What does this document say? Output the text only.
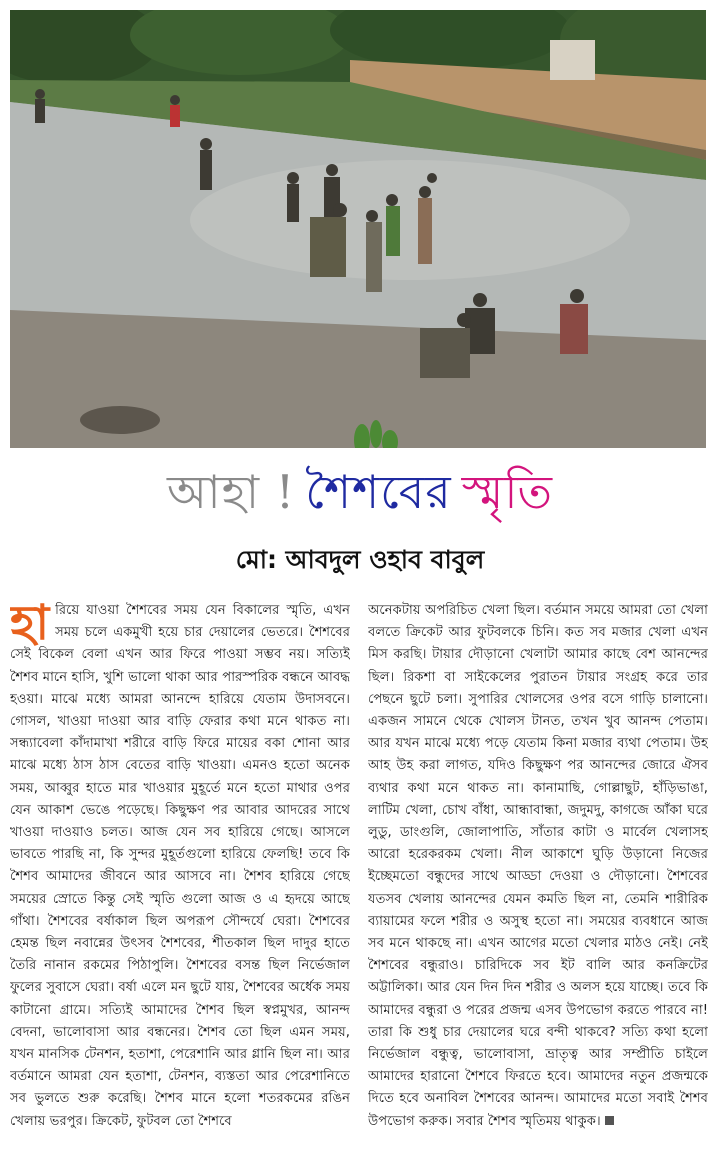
আহা ! শৈশবের স্মৃতি
মো: আবদুল ওহাব বাবুল
হারিয়ে যাওয়া শৈশবের সময় যেন বিকালের স্মৃতি, এখন সময় চলে একমুখী হয়ে চার দেয়ালের ভেতরে। শৈশবের সেই বিকেল বেলা এখন আর ফিরে পাওয়া সম্ভব নয়। সত্যিই শৈশব মানে হাসি, খুশি ভালো থাকা আর পারস্পরিক বন্ধনে আবদ্ধ হওয়া। মাঝে মধ্যে আমরা আনন্দে হারিয়ে যেতাম উদাসবনে। গোসল, খাওয়া দাওয়া আর বাড়ি ফেরার কথা মনে থাকত না। সন্ধ্যাবেলা কাঁদামাখা শরীরে বাড়ি ফিরে মায়ের বকা শোনা আর মাঝে মধ্যে ঠাস ঠাস বেতের বাড়ি খাওয়া। এমনও হতো অনেক সময়, আব্বুর হাতে মার খাওয়ার মুহূর্তে মনে হতো মাথার ওপর যেন আকাশ ভেঙে পড়েছে। কিছুক্ষণ পর আবার আদরের সাথে খাওয়া দাওয়াও চলত। আজ যেন সব হারিয়ে গেছে। আসলে ভাবতে পারছি না, কি সুন্দর মুহূর্তগুলো হারিয়ে ফেলছি! তবে কি শৈশব আমাদের জীবনে আর আসবে না। শৈশব হারিয়ে গেছে সময়ের স্রোতে কিন্তু সেই স্মৃতি গুলো আজ ও এ হৃদয়ে আছে গাঁথা। শৈশবের বর্ষাকাল ছিল অপরূপ সৌন্দর্যে ঘেরা। শৈশবের হেমন্ত ছিল নবান্নের উৎসব শৈশবের, শীতকাল ছিল দাদুর হাতে তৈরি নানান রকমের পিঠাপুলি। শৈশবের বসন্ত ছিল নির্ভেজাল ফুলের সুবাসে ঘেরা। বর্ষা এলে মন ছুটে যায়, শৈশবের অর্ধেক সময় কাটানো গ্রামে। সত্যিই আমাদের শৈশব ছিল স্বপ্নমুখর, আনন্দ বেদনা, ভালোবাসা আর বন্ধনের। শৈশব তো ছিল এমন সময়, যখন মানসিক টেনশন, হতাশা, পেরেশানি আর গ্লানি ছিল না। আর বর্তমানে আমরা যেন হতাশা, টেনশন, ব্যস্ততা আর পেরেশানিতে সব ভুলতে শুরু করেছি। শৈশব মানে হলো শতরকমের রঙিন খেলায় ভরপুর। ক্রিকেট, ফুটবল তো শৈশবে
অনেকটায় অপরিচিত খেলা ছিল। বর্তমান সময়ে আমরা তো খেলা বলতে ক্রিকেট আর ফুটবলকে চিনি। কত সব মজার খেলা এখন মিস করছি। টায়ার দৌড়ানো খেলাটা আমার কাছে বেশ আনন্দের ছিল। রিকশা বা সাইকেলের পুরাতন টায়ার সংগ্রহ করে তার পেছনে ছুটে চলা। সুপারির খোলসের ওপর বসে গাড়ি চালানো। একজন সামনে থেকে খোলস টানত, তখন খুব আনন্দ পেতাম। আর যখন মাঝে মধ্যে পড়ে যেতাম কিনা মজার ব্যথা পেতাম। উহ আহ উহ করা লাগত, যদিও কিছুক্ষণ পর আনন্দের জোরে ঐসব ব্যথার কথা মনে থাকত না। কানামাছি, গোল্লাছুট, হাঁড়িভাঙা, লাটিম খেলা, চোখ বাঁধা, আন্ধাবান্ধা, জদুমদু, কাগজে আঁকা ঘরে লুডু, ডাংগুলি, জোলাপাতি, সাঁতার কাটা ও মার্বেল খেলাসহ আরো হরেকরকম খেলা। নীল আকাশে ঘুড়ি উড়ানো নিজের ইচ্ছেমতো বন্ধুদের সাথে আড্ডা দেওয়া ও দৌড়ানো। শৈশবের যতসব খেলায় আনন্দের যেমন কমতি ছিল না, তেমনি শারীরিক ব্যায়ামের ফলে শরীর ও অসুস্থ হতো না। সময়ের ব্যবধানে আজ সব মনে থাকছে না। এখন আগের মতো খেলার মাঠও নেই। নেই শৈশবের বন্ধুরাও। চারিদিকে সব ইট বালি আর কনক্রিটের অট্টালিকা। আর যেন দিন দিন শরীর ও অলস হয়ে যাচ্ছে। তবে কি আমাদের বন্ধুরা ও পরের প্রজন্ম এসব উপভোগ করতে পারবে না! তারা কি শুধু চার দেয়ালের ঘরে বন্দী থাকবে? সত্যি কথা হলো নির্ভেজাল বন্ধুত্ব, ভালোবাসা, ভ্রাতৃত্ব আর সম্প্রীতি চাইলে আমাদের হারানো শৈশবে ফিরতে হবে। আমাদের নতুন প্রজন্মকে দিতে হবে অনাবিল শৈশবের আনন্দ। আমাদের মতো সবাই শৈশব উপভোগ করুক। সবার শৈশব স্মৃতিময় থাকুক।
